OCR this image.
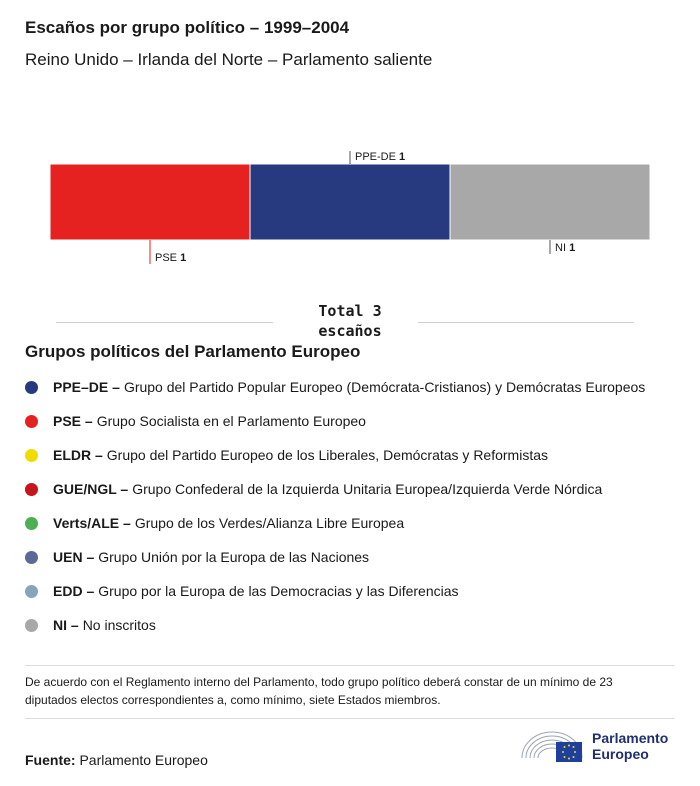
Escaños por grupo político – 1999–2004
Reino Unido – Irlanda del Norte – Parlamento saliente
PSE 1
PPE-DE 1
NI 1
Total 3 escaños
Grupos políticos del Parlamento Europeo
PPE–DE – Grupo del Partido Popular Europeo (Demócrata-Cristianos) y Demócratas Europeos
PSE – Grupo Socialista en el Parlamento Europeo
ELDR – Grupo del Partido Europeo de los Liberales, Demócratas y Reformistas
GUE/NGL – Grupo Confederal de la Izquierda Unitaria Europea/Izquierda Verde Nórdica
Verts/ALE – Grupo de los Verdes/Alianza Libre Europea
UEN – Grupo Unión por la Europa de las Naciones
EDD – Grupo por la Europa de las Democracias y las Diferencias
NI – No inscritos
De acuerdo con el Reglamento interno del Parlamento, todo grupo político deberá constar de un mínimo de 23 diputados electos correspondientes a, como mínimo, siete Estados miembros.
Fuente: Parlamento Europeo
Parlamento
Europeo
